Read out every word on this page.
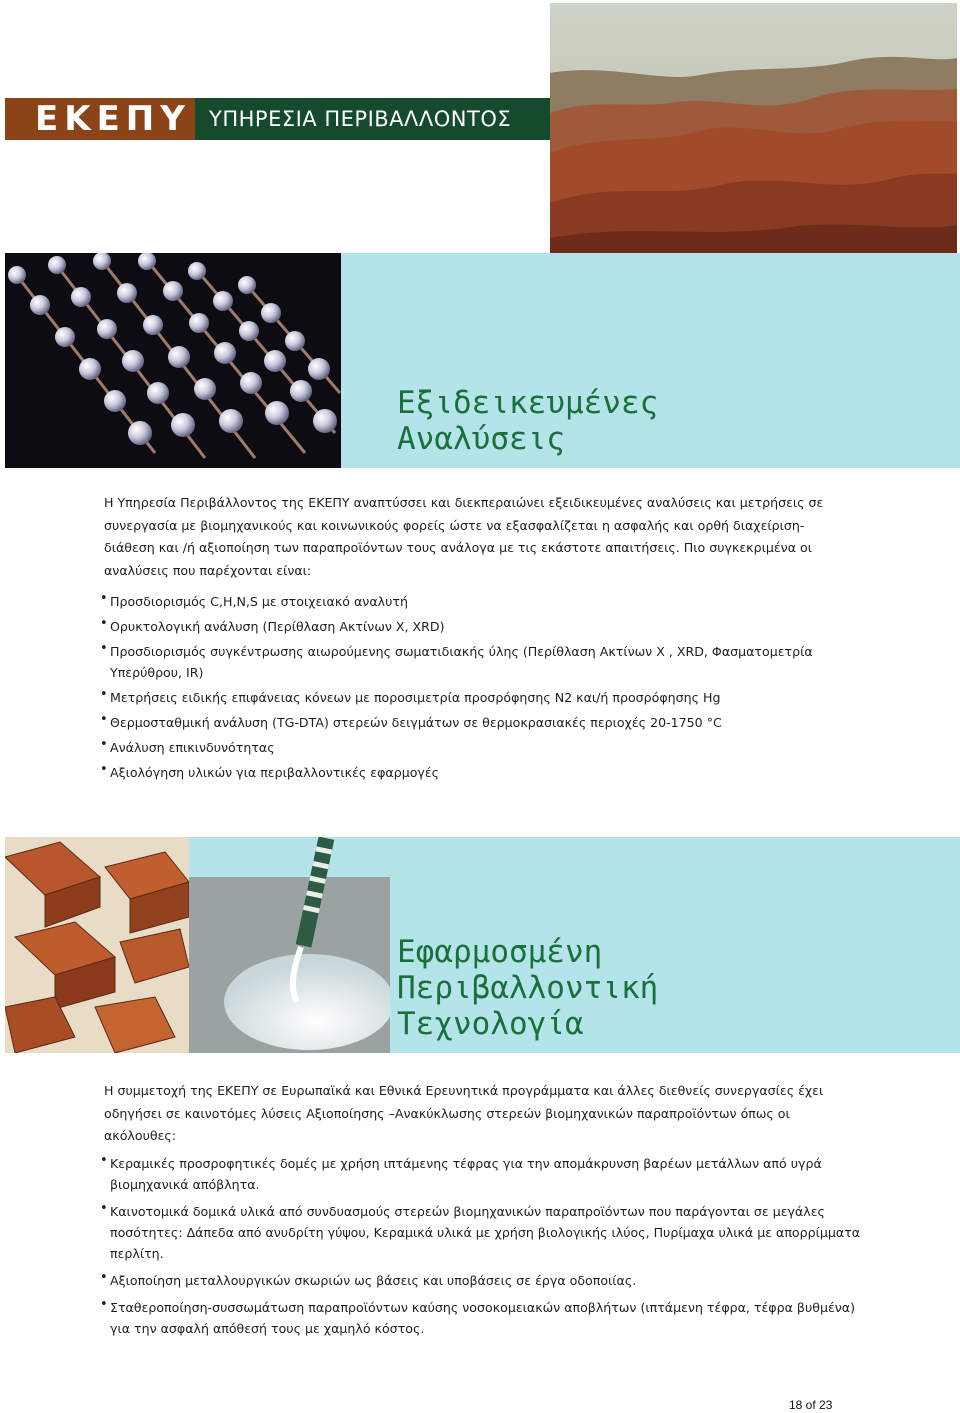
ΕΚΕΠΥ ΥΠΗΡΕΣΙΑ ΠΕΡΙΒΑΛΛΟΝΤΟΣ
Εξιδεικευμένες
Αναλύσεις

Η Υπηρεσία Περιβάλλοντος της ΕΚΕΠΥ αναπτύσσει και διεκπεραιώνει εξειδικευμένες αναλύσεις και μετρήσεις σε συνεργασία με βιομηχανικούς και κοινωνικούς φορείς ώστε να εξασφαλίζεται η ασφαλής και ορθή διαχείριση-διάθεση και /ή αξιοποίηση των παραπροϊόντων τους ανάλογα με τις εκάστοτε απαιτήσεις. Πιο συγκεκριμένα οι αναλύσεις που παρέχονται είναι:

• Προσδιορισμός C,H,N,S με στοιχειακό αναλυτή
• Ορυκτολογική ανάλυση (Περίθλαση Ακτίνων Χ, XRD)
• Προσδιορισμός συγκέντρωσης αιωρούμενης σωματιδιακής ύλης (Περίθλαση Ακτίνων Χ , XRD, Φασματομετρία Υπερύθρου, IR)
• Μετρήσεις ειδικής επιφάνειας κόνεων με ποροσιμετρία προσρόφησης N2 και/ή προσρόφησης Hg
• Θερμοσταθμική ανάλυση (TG-DTA) στερεών δειγμάτων σε θερμοκρασιακές περιοχές 20-1750 °C
• Ανάλυση επικινδυνότητας
• Αξιολόγηση υλικών για περιβαλλοντικές εφαρμογές
Εφαρμοσμένη
Περιβαλλοντική
Τεχνολογία

Η συμμετοχή της ΕΚΕΠΥ σε Ευρωπαϊκά και Εθνικά Ερευνητικά προγράμματα και άλλες διεθνείς συνεργασίες έχει οδηγήσει σε καινοτόμες λύσεις Αξιοποίησης –Ανακύκλωσης στερεών βιομηχανικών παραπροϊόντων όπως οι ακόλουθες:

• Κεραμικές προσροφητικές δομές με χρήση ιπτάμενης τέφρας για την απομάκρυνση βαρέων μετάλλων από υγρά βιομηχανικά απόβλητα.
• Καινοτομικά δομικά υλικά από συνδυασμούς στερεών βιομηχανικών παραπροϊόντων που παράγονται σε μεγάλες ποσότητες: Δάπεδα από ανυδρίτη γύψου, Κεραμικά υλικά με χρήση βιολογικής ιλύος, Πυρίμαχα υλικά με απορρίμματα περλίτη.
• Αξιοποίηση μεταλλουργικών σκωριών ως βάσεις και υποβάσεις σε έργα οδοποιίας.
• Σταθεροποίηση-συσσωμάτωση παραπροϊόντων καύσης νοσοκομειακών αποβλήτων (ιπτάμενη τέφρα, τέφρα βυθμένα) για την ασφαλή απόθεσή τους με χαμηλό κόστος.
18 of 23
